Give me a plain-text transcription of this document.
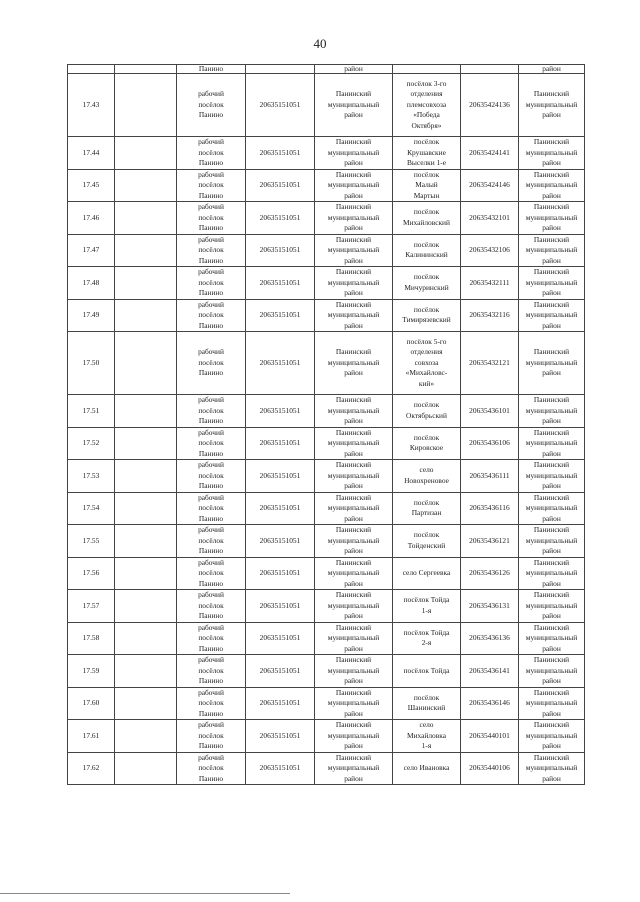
40
		Панино		район			район
17.43		рабочий
посёлок
Панино	20635151051	Панинский
муниципальный
район	посёлок 3-го
отделения
племсовхоза
«Победа
Октября»	20635424136	Панинский
муниципальный
район
17.44		рабочий
посёлок
Панино	20635151051	Панинский
муниципальный
район	посёлок
Крушавские
Выселки 1-е	20635424141	Панинский
муниципальный
район
17.45		рабочий
посёлок
Панино	20635151051	Панинский
муниципальный
район	посёлок
Малый
Мартын	20635424146	Панинский
муниципальный
район
17.46		рабочий
посёлок
Панино	20635151051	Панинский
муниципальный
район	посёлок
Михайловский	20635432101	Панинский
муниципальный
район
17.47		рабочий
посёлок
Панино	20635151051	Панинский
муниципальный
район	посёлок
Калининский	20635432106	Панинский
муниципальный
район
17.48		рабочий
посёлок
Панино	20635151051	Панинский
муниципальный
район	посёлок
Мичуринский	20635432111	Панинский
муниципальный
район
17.49		рабочий
посёлок
Панино	20635151051	Панинский
муниципальный
район	посёлок
Тимирязевский	20635432116	Панинский
муниципальный
район
17.50		рабочий
посёлок
Панино	20635151051	Панинский
муниципальный
район	посёлок 5-го
отделения
совхоза
«Михайловс-
кий»	20635432121	Панинский
муниципальный
район
17.51		рабочий
посёлок
Панино	20635151051	Панинский
муниципальный
район	посёлок
Октябрьский	20635436101	Панинский
муниципальный
район
17.52		рабочий
посёлок
Панино	20635151051	Панинский
муниципальный
район	посёлок
Кировское	20635436106	Панинский
муниципальный
район
17.53		рабочий
посёлок
Панино	20635151051	Панинский
муниципальный
район	село
Новохреновое	20635436111	Панинский
муниципальный
район
17.54		рабочий
посёлок
Панино	20635151051	Панинский
муниципальный
район	посёлок
Партизан	20635436116	Панинский
муниципальный
район
17.55		рабочий
посёлок
Панино	20635151051	Панинский
муниципальный
район	посёлок
Тойденский	20635436121	Панинский
муниципальный
район
17.56		рабочий
посёлок
Панино	20635151051	Панинский
муниципальный
район	село Сергеевка	20635436126	Панинский
муниципальный
район
17.57		рабочий
посёлок
Панино	20635151051	Панинский
муниципальный
район	посёлок Тойда
1-я	20635436131	Панинский
муниципальный
район
17.58		рабочий
посёлок
Панино	20635151051	Панинский
муниципальный
район	посёлок Тойда
2-я	20635436136	Панинский
муниципальный
район
17.59		рабочий
посёлок
Панино	20635151051	Панинский
муниципальный
район	посёлок Тойда	20635436141	Панинский
муниципальный
район
17.60		рабочий
посёлок
Панино	20635151051	Панинский
муниципальный
район	посёлок
Шанинский	20635436146	Панинский
муниципальный
район
17.61		рабочий
посёлок
Панино	20635151051	Панинский
муниципальный
район	село
Михайловка
1-я	20635440101	Панинский
муниципальный
район
17.62		рабочий
посёлок
Панино	20635151051	Панинский
муниципальный
район	село Ивановка	20635440106	Панинский
муниципальный
район
